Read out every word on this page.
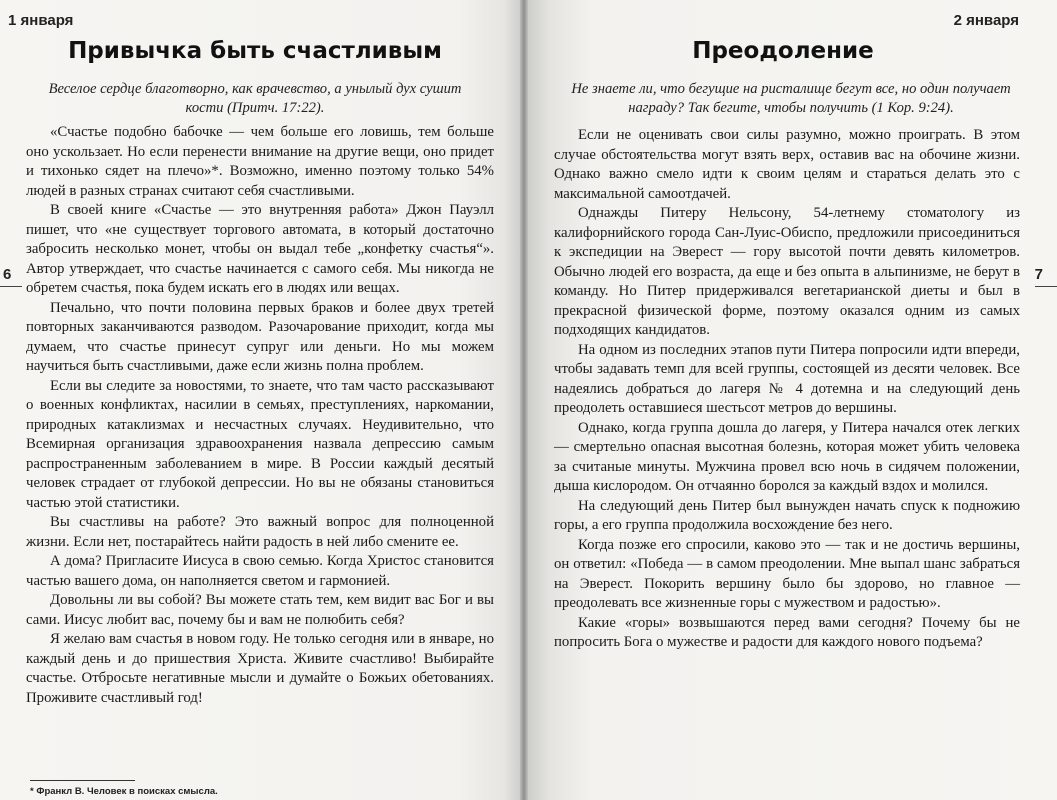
1 января
Привычка быть счастливым

Веселое сердце благотворно, как врачевство, а унылый дух сушит кости (Притч. 17:22).

«Счастье подобно бабочке — чем больше его ловишь, тем больше оно ускользает. Но если перенести внимание на другие вещи, оно придет и тихонько сядет на плечо»*. Возможно, именно поэтому только 54% людей в разных странах считают себя счастливыми.

В своей книге «Счастье — это внутренняя работа» Джон Пауэлл пишет, что «не существует торгового автомата, в который достаточно забросить несколько монет, чтобы он выдал тебе „конфетку счастья“». Автор утверждает, что счастье начинается с самого себя. Мы никогда не обретем счастья, пока будем искать его в людях или вещах.

Печально, что почти половина первых браков и более двух третей повторных заканчиваются разводом. Разочарование приходит, когда мы думаем, что счастье принесут супруг или деньги. Но мы можем научиться быть счастливыми, даже если жизнь полна проблем.

Если вы следите за новостями, то знаете, что там часто рассказывают о военных конфликтах, насилии в семьях, преступлениях, наркомании, природных катаклизмах и несчастных случаях. Неудивительно, что Всемирная организация здравоохранения назвала депрессию самым распространенным заболеванием в мире. В России каждый десятый человек страдает от глубокой депрессии. Но вы не обязаны становиться частью этой статистики.

Вы счастливы на работе? Это важный вопрос для полноценной жизни. Если нет, постарайтесь найти радость в ней либо смените ее.

А дома? Пригласите Иисуса в свою семью. Когда Христос становится частью вашего дома, он наполняется светом и гармонией.

Довольны ли вы собой? Вы можете стать тем, кем видит вас Бог и вы сами. Иисус любит вас, почему бы и вам не полюбить себя?

Я желаю вам счастья в новом году. Не только сегодня или в январе, но каждый день и до пришествия Христа. Живите счастливо! Выбирайте счастье. Отбросьте негативные мысли и думайте о Божьих обетованиях. Проживите счастливый год!

6
* Франкл В. Человек в поисках смысла.
2 января
Преодоление

Не знаете ли, что бегущие на ристалище бегут все, но один получает награду? Так бегите, чтобы получить (1 Кор. 9:24).

Если не оценивать свои силы разумно, можно проиграть. В этом случае обстоятельства могут взять верх, оставив вас на обочине жизни. Однако важно смело идти к своим целям и стараться делать это с максимальной самоотдачей.

Однажды Питеру Нельсону, 54-летнему стоматологу из калифорнийского города Сан-Луис-Обиспо, предложили присоединиться к экспедиции на Эверест — гору высотой почти девять километров. Обычно людей его возраста, да еще и без опыта в альпинизме, не берут в команду. Но Питер придерживался вегетарианской диеты и был в прекрасной физической форме, поэтому оказался одним из самых подходящих кандидатов.

На одном из последних этапов пути Питера попросили идти впереди, чтобы задавать темп для всей группы, состоящей из десяти человек. Все надеялись добраться до лагеря № 4 дотемна и на следующий день преодолеть оставшиеся шестьсот метров до вершины.

Однако, когда группа дошла до лагеря, у Питера начался отек легких — смертельно опасная высотная болезнь, которая может убить человека за считаные минуты. Мужчина провел всю ночь в сидячем положении, дыша кислородом. Он отчаянно боролся за каждый вздох и молился.

На следующий день Питер был вынужден начать спуск к подножию горы, а его группа продолжила восхождение без него.

Когда позже его спросили, каково это — так и не достичь вершины, он ответил: «Победа — в самом преодолении. Мне выпал шанс забраться на Эверест. Покорить вершину было бы здорово, но главное — преодолевать все жизненные горы с мужеством и радостью».

Какие «горы» возвышаются перед вами сегодня? Почему бы не попросить Бога о мужестве и радости для каждого нового подъема?

7
